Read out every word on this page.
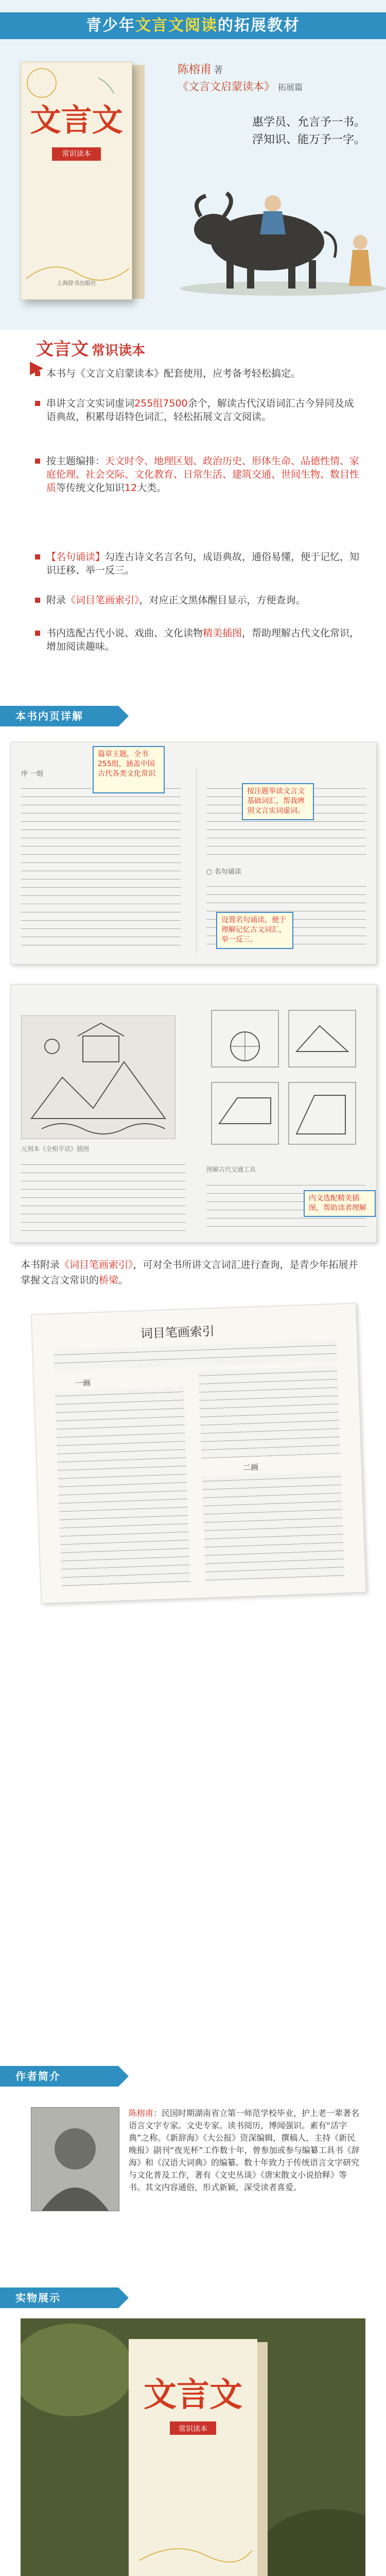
青少年文言文阅读的拓展教材
文言文
常识读本
上海辞书出版社
陈榕甫 著
《文言文启蒙读本》 拓展篇
惠学员、允言予一书。
浮知识、能万予一字。
文言文 常识读本
本书与《文言文启蒙读本》配套使用，应考备考轻松搞定。
串讲文言文实词虚词255组7500余个，解读古代汉语词汇古今异同及成语典故，积累母语特色词汇，轻松拓展文言文阅读。
按主题编排：天文时令、地理区划、政治历史、形体生命、品德性情、家庭伦理、社会交际、文化教育、日常生活、建筑交通、世间生物、数目性质等传统文化知识12大类。
【名句诵读】勾连古诗文名言名句，成语典故，通俗易懂，便于记忆，知识迁移、举一反三。
附录《词目笔画索引》，对应正文黑体醒目显示，方便查询。
书内选配古代小说、戏曲、文化读物精美插图，帮助理解古代文化常识，增加阅读趣味。
本书内页详解
序 一组
○ 名句诵读
篇章主题，全书255组，涵盖中国古代各类文化常识
按注题举读文言文基础词汇，帮我辨别文言实词虚词。
设置名句诵读，便于理解记忆古文词汇，举一反三。
元刻本《全相平话》插图
图解古代交通工具
内文选配精美插图，帮助读者理解
本书附录《词目笔画索引》，可对全书所讲文言词汇进行查询，是青少年拓展并掌握文言文常识的桥梁。
词目笔画索引
一画
二画
作者简介
陈榕甫：民国时期湖南省立第一师范学校毕业，护上老一辈著名语言文字专家。文史专家。读书阅历，博闻强识。素有“活字典”之称。《新辞海》《大公报》资深编辑，撰稿人，主持《新民晚报》副刊“夜光杯”工作数十年，曾参加或参与编纂工具书《辞海》和《汉语大词典》的编纂。数十年致力于传统语言文字研究与文化普及工作，著有《文史丛谈》《唐宋散文小说拾释》等书。其文内容通俗，形式新颖，深受读者喜爱。
实物展示
文言文
常识读本
